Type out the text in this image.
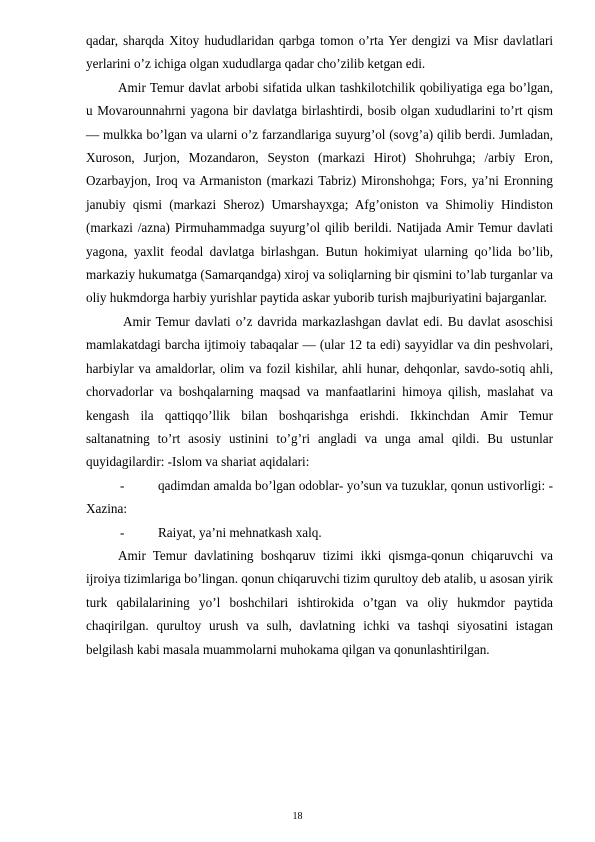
qadar, sharqda Xitoy hududlaridan qarbga tomon o’rta Yer dengizi va Misr davlatlari yerlarini o’z ichiga olgan xududlarga qadar cho’zilib ketgan edi.

Amir Temur davlat arbobi sifatida ulkan tashkilotchilik qobiliyatiga ega bo’lgan, u Movarounnahrni yagona bir davlatga birlashtirdi, bosib olgan xududlarini to’rt qism — mulkka bo’lgan va ularni o’z farzandlariga suyurg’ol (sovg’a) qilib berdi. Jumladan, Xuroson, Jurjon, Mozandaron, Seyston (markazi Hirot) Shohruhga; /arbiy Eron, Ozarbayjon, Iroq va Armaniston (markazi Tabriz) Mironshohga; Fors, ya’ni Eronning janubiy qismi (markazi Sheroz) Umarshayxga; Afg’oniston va Shimoliy Hindiston (markazi /azna) Pirmuhammadga suyurg’ol qilib berildi. Natijada Amir Temur davlati yagona, yaxlit feodal davlatga birlashgan. Butun hokimiyat ularning qo’lida bo’lib, markaziy hukumatga (Samarqandga) xiroj va soliqlarning bir qismini to’lab turganlar va oliy hukmdorga harbiy yurishlar paytida askar yuborib turish majburiyatini bajarganlar.

Amir Temur davlati o’z davrida markazlashgan davlat edi. Bu davlat asoschisi mamlakatdagi barcha ijtimoiy tabaqalar — (ular 12 ta edi) sayyidlar va din peshvolari, harbiylar va amaldorlar, olim va fozil kishilar, ahli hunar, dehqonlar, savdo-sotiq ahli, chorvadorlar va boshqalarning maqsad va manfaatlarini himoya qilish, maslahat va kengash ila qattiqqo’llik bilan boshqarishga erishdi. Ikkinchdan Amir Temur saltanatning to’rt asosiy ustinini to’g’ri angladi va unga amal qildi. Bu ustunlar quyidagilardir: -Islom va shariat aqidalari:

-	qadimdan amalda bo’lgan odoblar- yo’sun va tuzuklar, qonun ustivorligi: - Xazina:

-	Raiyat, ya’ni mehnatkash xalq.

Amir Temur davlatining boshqaruv tizimi ikki qismga-qonun chiqaruvchi va ijroiya tizimlariga bo’lingan. qonun chiqaruvchi tizim qurultoy deb atalib, u asosan yirik turk qabilalarining yo’l boshchilari ishtirokida o’tgan va oliy hukmdor paytida chaqirilgan. qurultoy urush va sulh, davlatning ichki va tashqi siyosatini istagan belgilash kabi masala muammolarni muhokama qilgan va qonunlashtirilgan.

18
